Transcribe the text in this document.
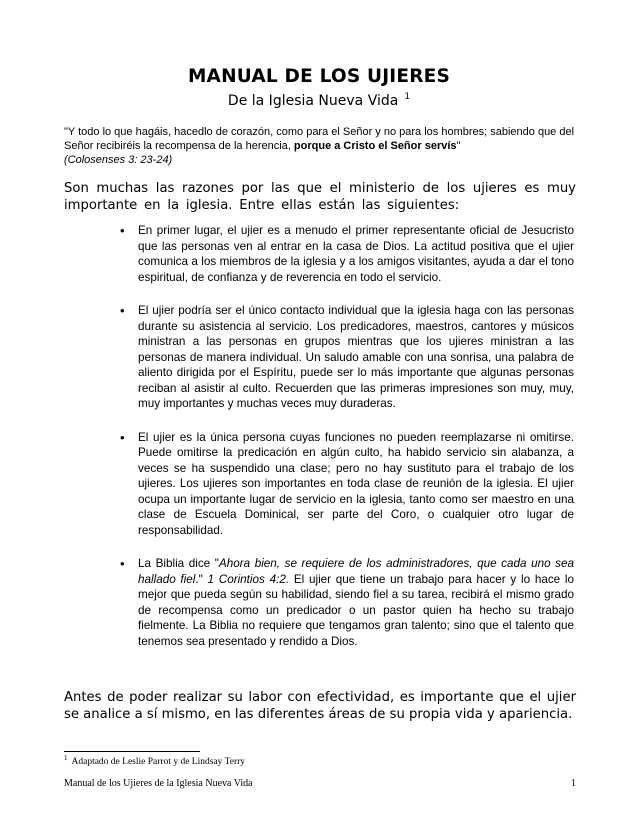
MANUAL DE LOS UJIERES
De la Iglesia Nueva Vida $^1$
"Y todo lo que hagáis, hacedlo de corazón, como para el Señor y no para los hombres; sabiendo que del Señor recibiréis la recompensa de la herencia, porque a Cristo el Señor servís"
(Colosenses 3: 23-24)
Son muchas las razones por las que el ministerio de los ujieres es muy importante en la iglesia. Entre ellas están las siguientes:
• En primer lugar, el ujier es a menudo el primer representante oficial de Jesucristo que las personas ven al entrar en la casa de Dios. La actitud positiva que el ujier comunica a los miembros de la iglesia y a los amigos visitantes, ayuda a dar el tono espiritual, de confianza y de reverencia en todo el servicio.
• El ujier podría ser el único contacto individual que la iglesia haga con las personas durante su asistencia al servicio. Los predicadores, maestros, cantores y músicos ministran a las personas en grupos mientras que los ujieres ministran a las personas de manera individual. Un saludo amable con una sonrisa, una palabra de aliento dirigida por el Espíritu, puede ser lo más importante que algunas personas reciban al asistir al culto. Recuerden que las primeras impresiones son muy, muy, muy importantes y muchas veces muy duraderas.
• El ujier es la única persona cuyas funciones no pueden reemplazarse ni omitirse. Puede omitirse la predicación en algún culto, ha habido servicio sin alabanza, a veces se ha suspendido una clase; pero no hay sustituto para el trabajo de los ujieres. Los ujieres son importantes en toda clase de reunión de la iglesia. El ujier ocupa un importante lugar de servicio en la iglesia, tanto como ser maestro en una clase de Escuela Dominical, ser parte del Coro, o cualquier otro lugar de responsabilidad.
• La Biblia dice "Ahora bien, se requiere de los administradores, que cada uno sea hallado fiel." 1 Corintios 4:2. El ujier que tiene un trabajo para hacer y lo hace lo mejor que pueda según su habilidad, siendo fiel a su tarea, recibirá el mismo grado de recompensa como un predicador o un pastor quien ha hecho su trabajo fielmente. La Biblia no requiere que tengamos gran talento; sino que el talento que tenemos sea presentado y rendido a Dios.
Antes de poder realizar su labor con efectividad, es importante que el ujier se analice a sí mismo, en las diferentes áreas de su propia vida y apariencia.
$^1$ Adaptado de Leslie Parrot y de Lindsay Terry
Manual de los Ujieres de la Iglesia Nueva Vida	1
